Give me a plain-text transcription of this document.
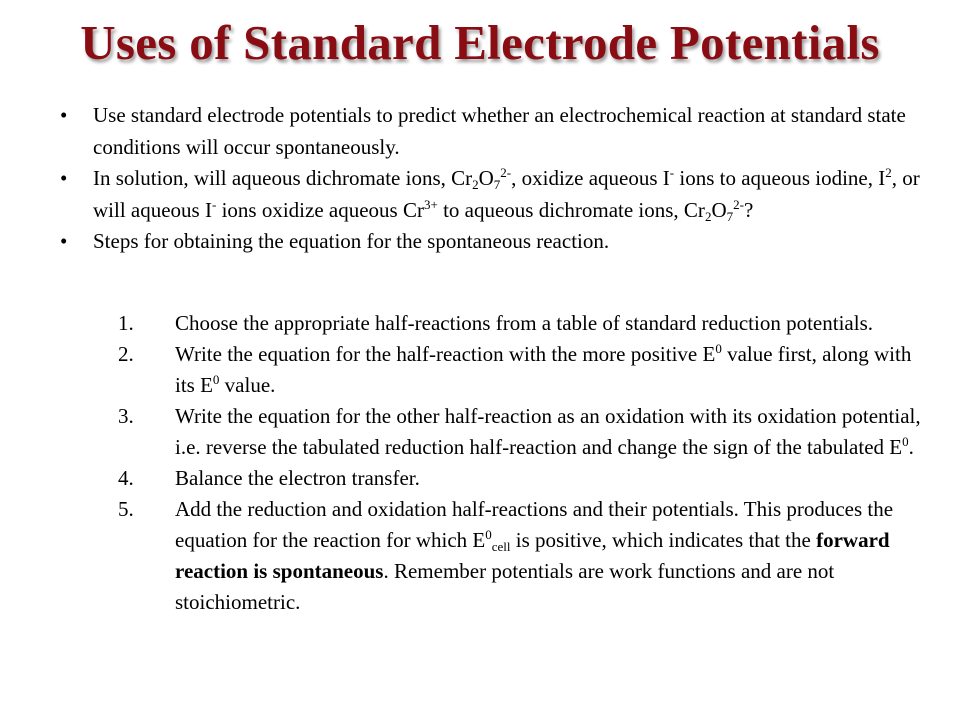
Uses of Standard Electrode Potentials
• Use standard electrode potentials to predict whether an electrochemical reaction at standard state conditions will occur spontaneously.
• In solution, will aqueous dichromate ions, $Cr_2O_7^{2-}$, oxidize aqueous I- ions to aqueous iodine, $I^2$, or will aqueous I- ions oxidize aqueous $Cr^{3+}$ to aqueous dichromate ions, $Cr_2O_7^{2-}$?
• Steps for obtaining the equation for the spontaneous reaction.
1. Choose the appropriate half-reactions from a table of standard reduction potentials.
2. Write the equation for the half-reaction with the more positive $E^0$ value first, along with its $E^0$ value.
3. Write the equation for the other half-reaction as an oxidation with its oxidation potential, i.e. reverse the tabulated reduction half-reaction and change the sign of the tabulated $E^0$.
4. Balance the electron transfer.
5. Add the reduction and oxidation half-reactions and their potentials. This produces the equation for the reaction for which $E^0_{cell}$ is positive, which indicates that the forward reaction is spontaneous. Remember potentials are work functions and are not stoichiometric.
